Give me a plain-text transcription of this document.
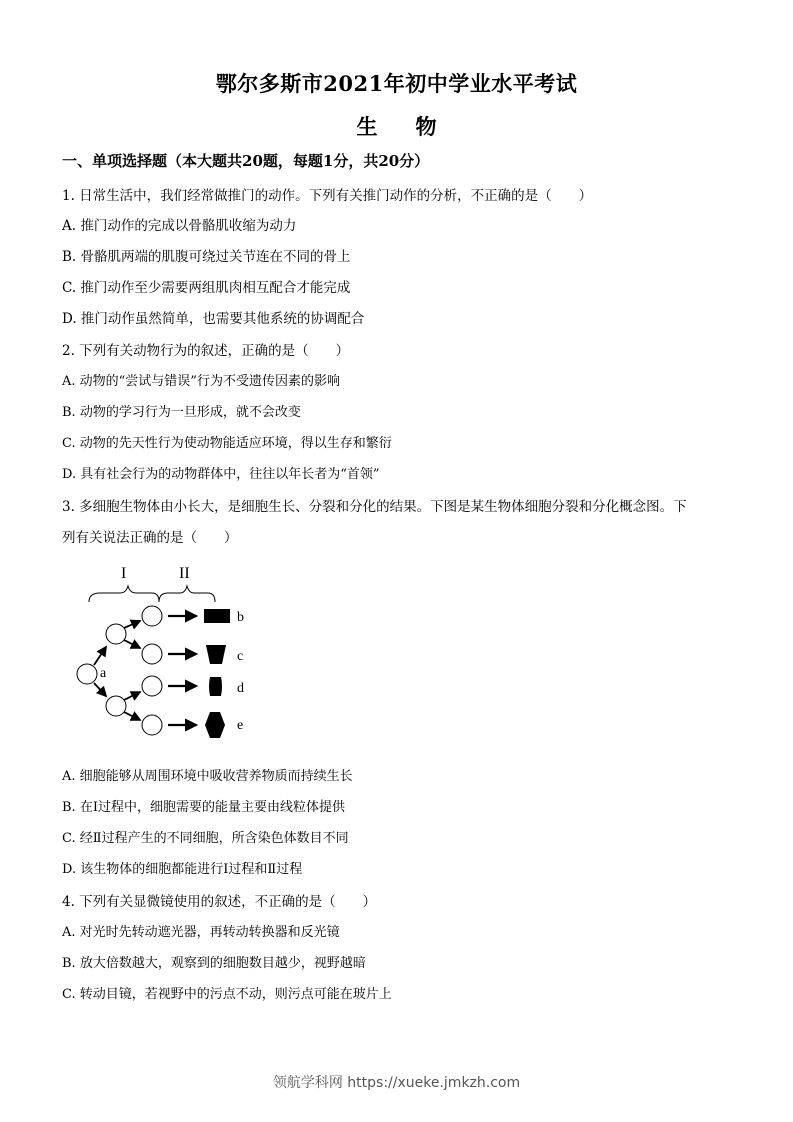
鄂尔多斯市2021年初中学业水平考试
生 物
一、单项选择题（本大题共20题，每题1分，共20分）
1. 日常生活中，我们经常做推门的动作。下列有关推门动作的分析，不正确的是（　　）
A. 推门动作的完成以骨骼肌收缩为动力
B. 骨骼肌两端的肌腹可绕过关节连在不同的骨上
C. 推门动作至少需要两组肌肉相互配合才能完成
D. 推门动作虽然简单，也需要其他系统的协调配合
2. 下列有关动物行为的叙述，正确的是（　　）
A. 动物的“尝试与错误”行为不受遗传因素的影响
B. 动物的学习行为一旦形成，就不会改变
C. 动物的先天性行为使动物能适应环境，得以生存和繁衍
D. 具有社会行为的动物群体中，往往以年长者为“首领”
3. 多细胞生物体由小长大，是细胞生长、分裂和分化的结果。下图是某生物体细胞分裂和分化概念图。下
列有关说法正确的是（　　）
I	II
a
b
c
d
e
A. 细胞能够从周围环境中吸收营养物质而持续生长
B. 在Ⅰ过程中，细胞需要的能量主要由线粒体提供
C. 经Ⅱ过程产生的不同细胞，所含染色体数目不同
D. 该生物体的细胞都能进行Ⅰ过程和Ⅱ过程
4. 下列有关显微镜使用的叙述，不正确的是（　　）
A. 对光时先转动遮光器，再转动转换器和反光镜
B. 放大倍数越大，观察到的细胞数目越少，视野越暗
C. 转动目镜，若视野中的污点不动，则污点可能在玻片上
领航学科网 https://xueke.jmkzh.com
